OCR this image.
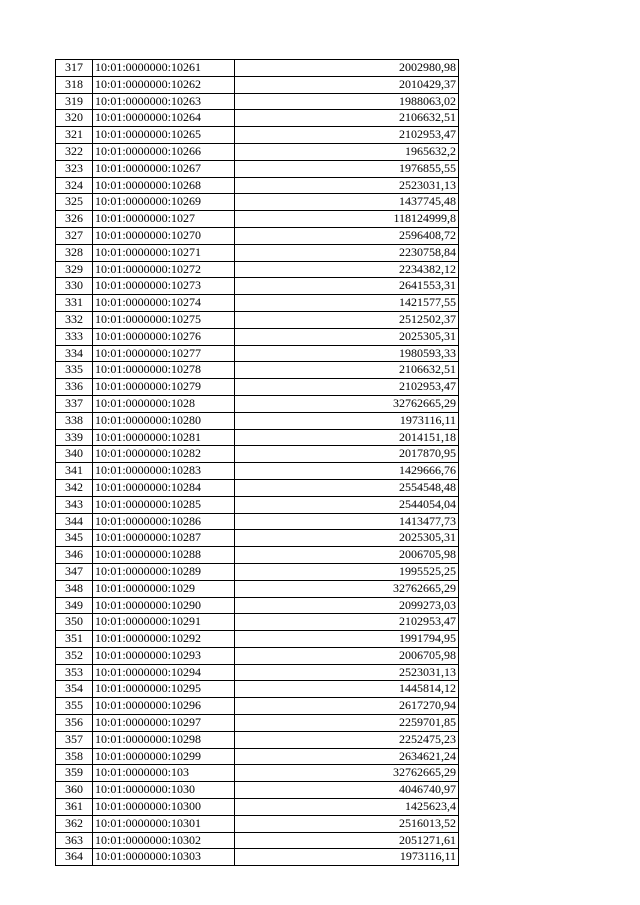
317	10:01:0000000:10261	2002980,98
318	10:01:0000000:10262	2010429,37
319	10:01:0000000:10263	1988063,02
320	10:01:0000000:10264	2106632,51
321	10:01:0000000:10265	2102953,47
322	10:01:0000000:10266	1965632,2
323	10:01:0000000:10267	1976855,55
324	10:01:0000000:10268	2523031,13
325	10:01:0000000:10269	1437745,48
326	10:01:0000000:1027	118124999,8
327	10:01:0000000:10270	2596408,72
328	10:01:0000000:10271	2230758,84
329	10:01:0000000:10272	2234382,12
330	10:01:0000000:10273	2641553,31
331	10:01:0000000:10274	1421577,55
332	10:01:0000000:10275	2512502,37
333	10:01:0000000:10276	2025305,31
334	10:01:0000000:10277	1980593,33
335	10:01:0000000:10278	2106632,51
336	10:01:0000000:10279	2102953,47
337	10:01:0000000:1028	32762665,29
338	10:01:0000000:10280	1973116,11
339	10:01:0000000:10281	2014151,18
340	10:01:0000000:10282	2017870,95
341	10:01:0000000:10283	1429666,76
342	10:01:0000000:10284	2554548,48
343	10:01:0000000:10285	2544054,04
344	10:01:0000000:10286	1413477,73
345	10:01:0000000:10287	2025305,31
346	10:01:0000000:10288	2006705,98
347	10:01:0000000:10289	1995525,25
348	10:01:0000000:1029	32762665,29
349	10:01:0000000:10290	2099273,03
350	10:01:0000000:10291	2102953,47
351	10:01:0000000:10292	1991794,95
352	10:01:0000000:10293	2006705,98
353	10:01:0000000:10294	2523031,13
354	10:01:0000000:10295	1445814,12
355	10:01:0000000:10296	2617270,94
356	10:01:0000000:10297	2259701,85
357	10:01:0000000:10298	2252475,23
358	10:01:0000000:10299	2634621,24
359	10:01:0000000:103	32762665,29
360	10:01:0000000:1030	4046740,97
361	10:01:0000000:10300	1425623,4
362	10:01:0000000:10301	2516013,52
363	10:01:0000000:10302	2051271,61
364	10:01:0000000:10303	1973116,11
